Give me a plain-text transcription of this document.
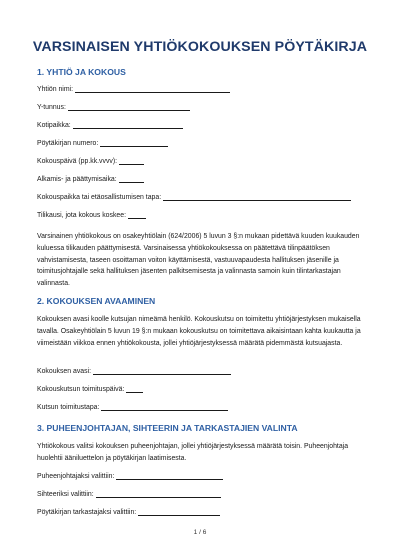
VARSINAISEN YHTIÖKOKOUKSEN PÖYTÄKIRJA
1. YHTIÖ JA KOKOUS
Yhtiön nimi:
Y-tunnus:
Kotipaikka:
Pöytäkirjan numero:
Kokouspäivä (pp.kk.vvvv):
Alkamis- ja päättymisaika:
Kokouspaikka tai etäosallistumisen tapa:
Tilikausi, jota kokous koskee:

Varsinainen yhtiökokous on osakeyhtiölain (624/2006) 5 luvun 3 §:n mukaan pidettävä kuuden kuukauden kuluessa tilikauden päättymisestä. Varsinaisessa yhtiökokouksessa on päätettävä tilinpäätöksen vahvistamisesta, taseen osoittaman voiton käyttämisestä, vastuuvapaudesta hallituksen jäsenille ja toimitusjohtajalle sekä hallituksen jäsenten palkitsemisesta ja valinnasta samoin kuin tilintarkastajan valinnasta.

2. KOKOUKSEN AVAAMINEN

Kokouksen avasi koolle kutsujan nimeämä henkilö. Kokouskutsu on toimitettu yhtiöjärjestyksen mukaisella tavalla. Osakeyhtiölain 5 luvun 19 §:n mukaan kokouskutsu on toimitettava aikaisintaan kahta kuukautta ja viimeistään viikkoa ennen yhtiökokousta, jollei yhtiöjärjestyksessä määrätä pidemmästä kutsuajasta.

Kokouksen avasi:
Kokouskutsun toimituspäivä:
Kutsun toimitustapa:
3. PUHEENJOHTAJAN, SIHTEERIN JA TARKASTAJIEN VALINTA

Yhtiökokous valitsi kokouksen puheenjohtajan, jollei yhtiöjärjestyksessä määrätä toisin. Puheenjohtaja huolehtii ääniluettelon ja pöytäkirjan laatimisesta.

Puheenjohtajaksi valittiin:
Sihteeriksi valittiin:
Pöytäkirjan tarkastajaksi valittiin:
1 / 6
